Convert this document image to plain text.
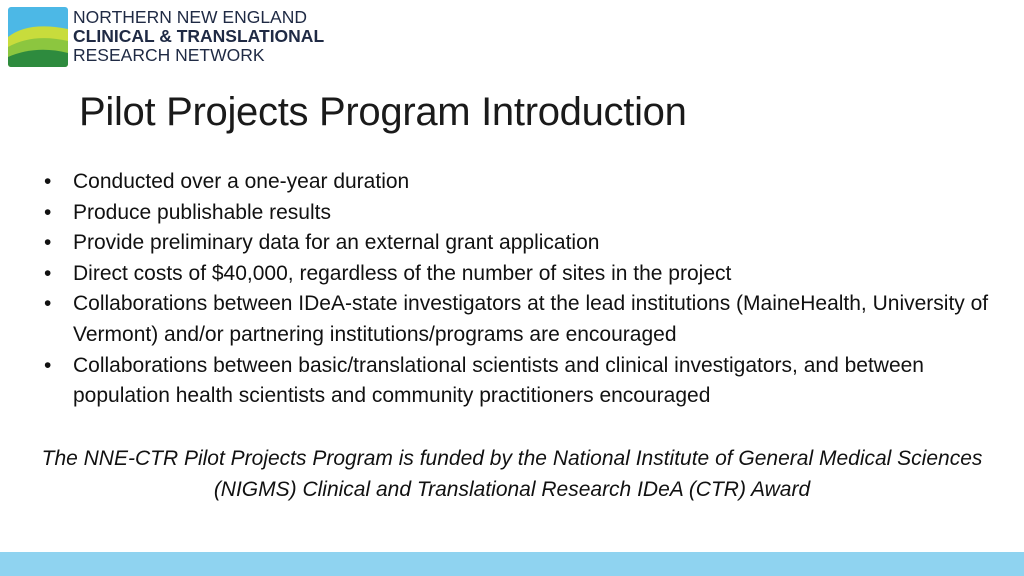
NORTHERN NEW ENGLAND
CLINICAL & TRANSLATIONAL
RESEARCH NETWORK
Pilot Projects Program Introduction
•	Conducted over a one-year duration
•	Produce publishable results
•	Provide preliminary data for an external grant application
•	Direct costs of $40,000, regardless of the number of sites in the project
•	Collaborations between IDeA-state investigators at the lead institutions (MaineHealth, University of Vermont) and/or partnering institutions/programs are encouraged
•	Collaborations between basic/translational scientists and clinical investigators, and between population health scientists and community practitioners encouraged
The NNE-CTR Pilot Projects Program is funded by the National Institute of General Medical Sciences (NIGMS) Clinical and Translational Research IDeA (CTR) Award
